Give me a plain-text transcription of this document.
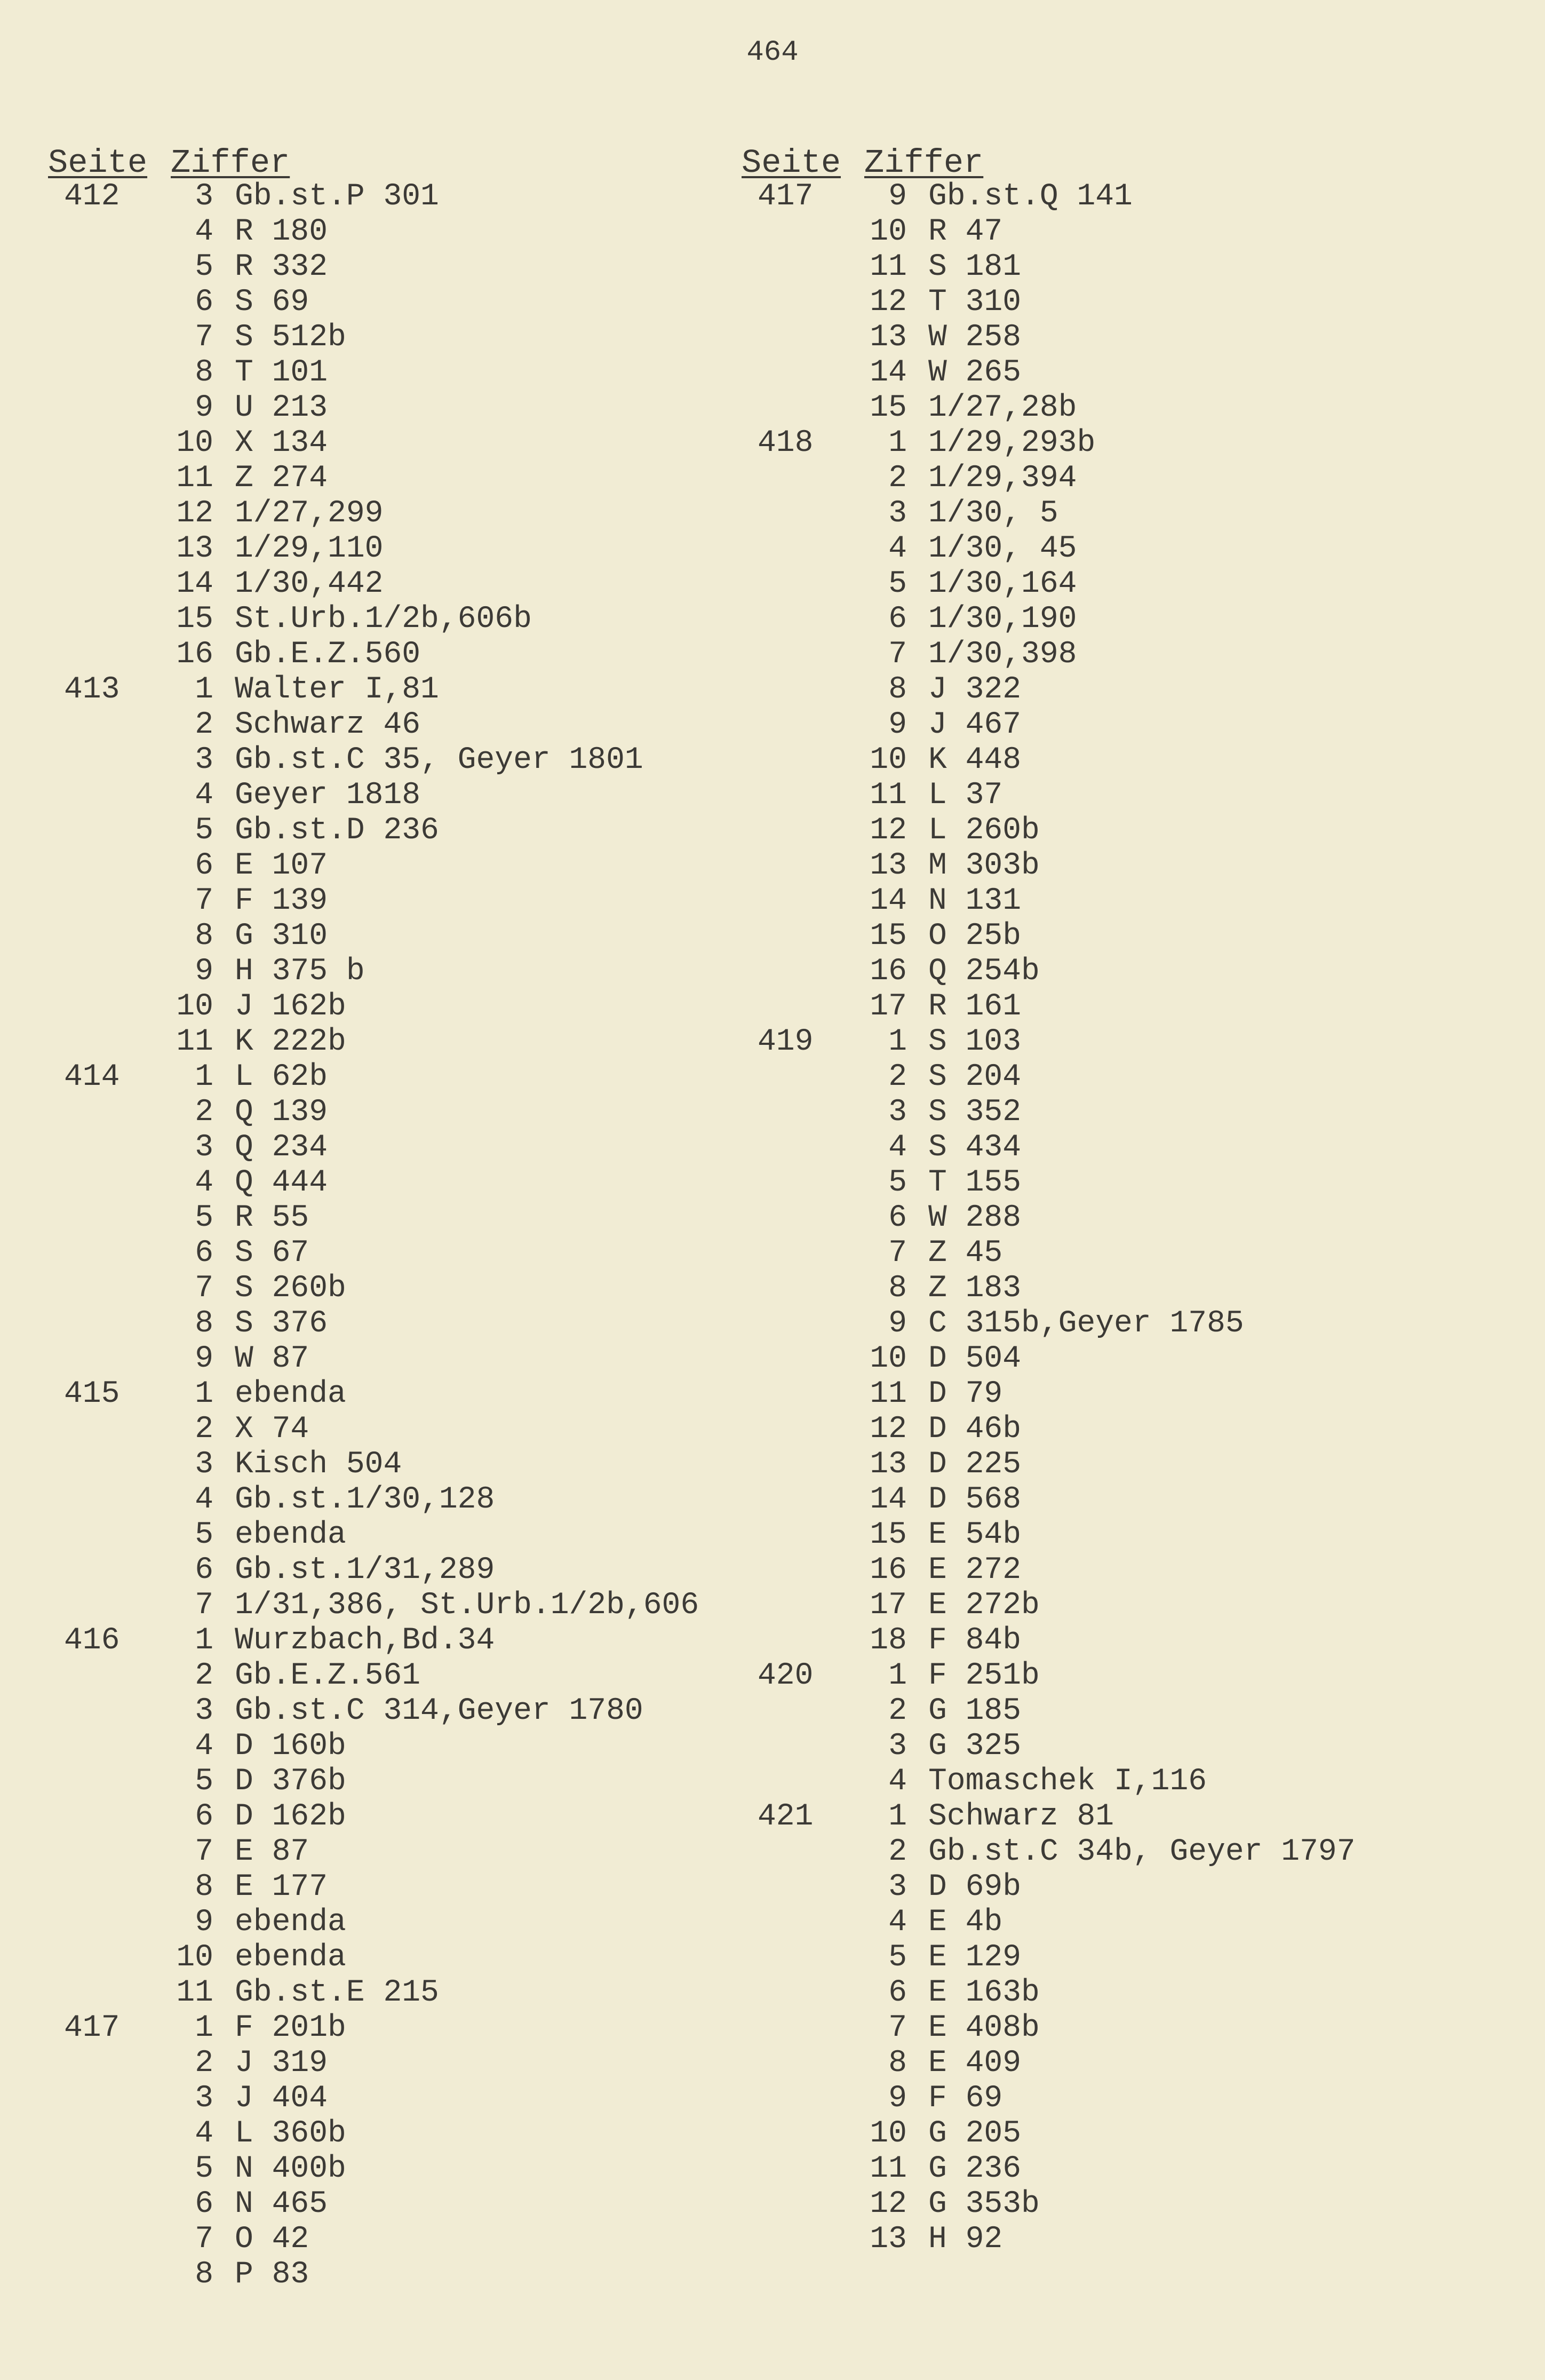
464
Seite Ziffer
412	3 Gb.st.P 301
4 R 180
5 R 332
6 S 69
7 S 512b
8 T 101
9 U 213
10 X 134
11 Z 274
12 1/27,299
13 1/29,110
14 1/30,442
15 St.Urb.1/2b,606b
16 Gb.E.Z.560
413	1 Walter I,81
2 Schwarz 46
3 Gb.st.C 35, Geyer 1801
4 Geyer 1818
5 Gb.st.D 236
6 E 107
7 F 139
8 G 310
9 H 375 b
10 J 162b
11 K 222b
414	1 L 62b
2 Q 139
3 Q 234
4 Q 444
5 R 55
6 S 67
7 S 260b
8 S 376
9 W 87
415	1 ebenda
2 X 74
3 Kisch 504
4 Gb.st.1/30,128
5 ebenda
6 Gb.st.1/31,289
7 1/31,386, St.Urb.1/2b,606
416	1 Wurzbach,Bd.34
2 Gb.E.Z.561
3 Gb.st.C 314,Geyer 1780
4 D 160b
5 D 376b
6 D 162b
7 E 87
8 E 177
9 ebenda
10 ebenda
11 Gb.st.E 215
417	1 F 201b
2 J 319
3 J 404
4 L 360b
5 N 400b
6 N 465
7 O 42
8 P 83
Seite Ziffer
417	9 Gb.st.Q 141
10 R 47
11 S 181
12 T 310
13 W 258
14 W 265
15 1/27,28b
418	1 1/29,293b
2 1/29,394
3 1/30, 5
4 1/30, 45
5 1/30,164
6 1/30,190
7 1/30,398
8 J 322
9 J 467
10 K 448
11 L 37
12 L 260b
13 M 303b
14 N 131
15 O 25b
16 Q 254b
17 R 161
419	1 S 103
2 S 204
3 S 352
4 S 434
5 T 155
6 W 288
7 Z 45
8 Z 183
9 C 315b,Geyer 1785
10 D 504
11 D 79
12 D 46b
13 D 225
14 D 568
15 E 54b
16 E 272
17 E 272b
18 F 84b
420	1 F 251b
2 G 185
3 G 325
4 Tomaschek I,116
421	1 Schwarz 81
2 Gb.st.C 34b, Geyer 1797
3 D 69b
4 E 4b
5 E 129
6 E 163b
7 E 408b
8 E 409
9 F 69
10 G 205
11 G 236
12 G 353b
13 H 92
